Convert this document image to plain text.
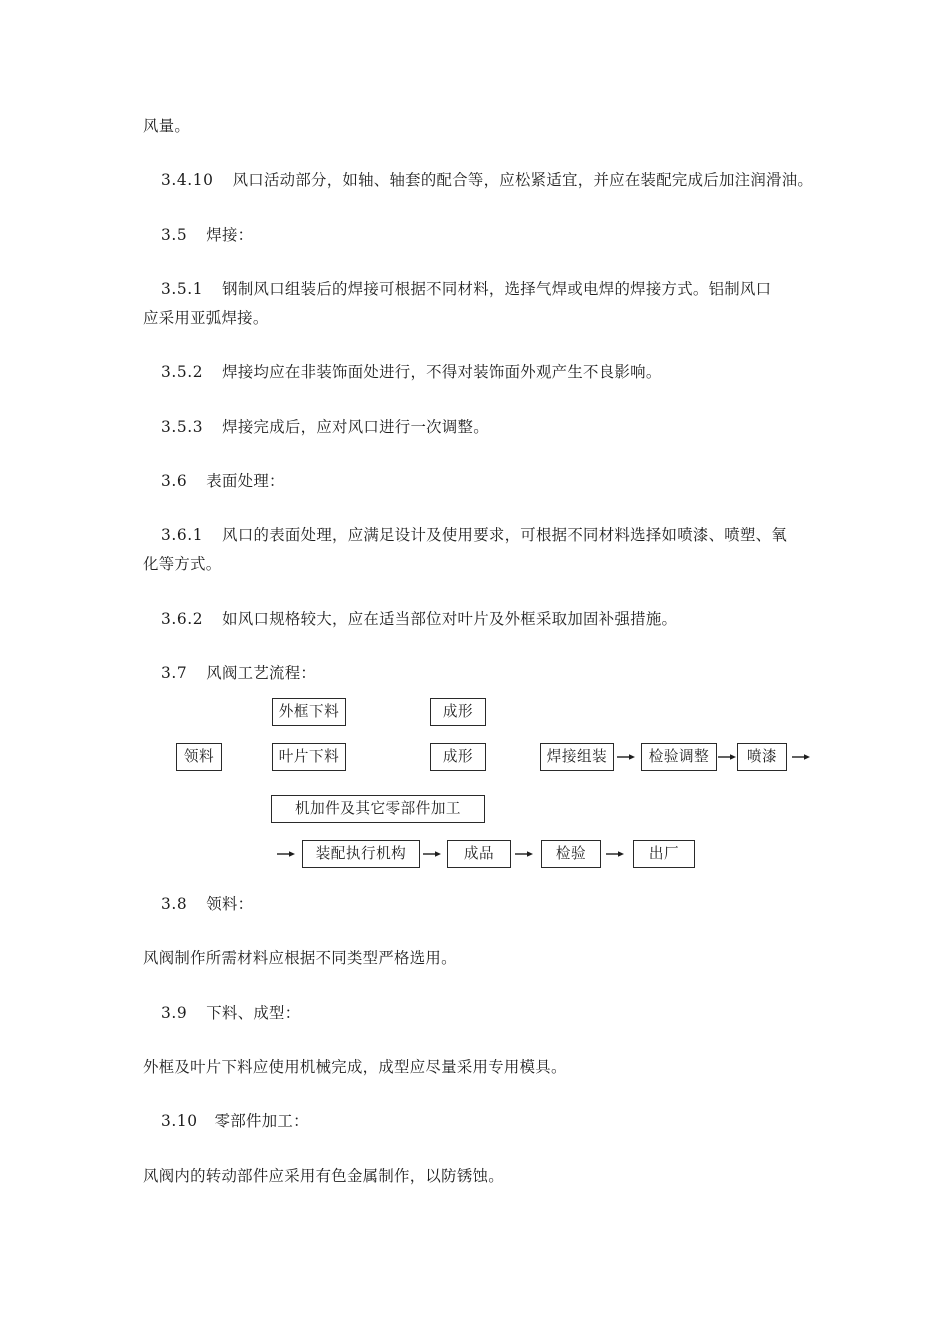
风量。
3.4.10 风口活动部分，如轴、轴套的配合等，应松紧适宜，并应在装配完成后加注润滑油。
3.5 焊接：
3.5.1 钢制风口组装后的焊接可根据不同材料，选择气焊或电焊的焊接方式。铝制风口
应采用亚弧焊接。
3.5.2 焊接均应在非装饰面处进行，不得对装饰面外观产生不良影响。
3.5.3 焊接完成后，应对风口进行一次调整。
3.6 表面处理：
3.6.1 风口的表面处理，应满足设计及使用要求，可根据不同材料选择如喷漆、喷塑、氧
化等方式。
3.6.2 如风口规格较大，应在适当部位对叶片及外框采取加固补强措施。
3.7 风阀工艺流程：
外框下料	成形
领料	叶片下料	成形	焊接组装	检验调整	喷漆
机加件及其它零部件加工
装配执行机构	成品	检验	出厂
3.8 领料：
风阀制作所需材料应根据不同类型严格选用。
3.9 下料、成型：
外框及叶片下料应使用机械完成，成型应尽量采用专用模具。
3.10 零部件加工：
风阀内的转动部件应采用有色金属制作，以防锈蚀。
